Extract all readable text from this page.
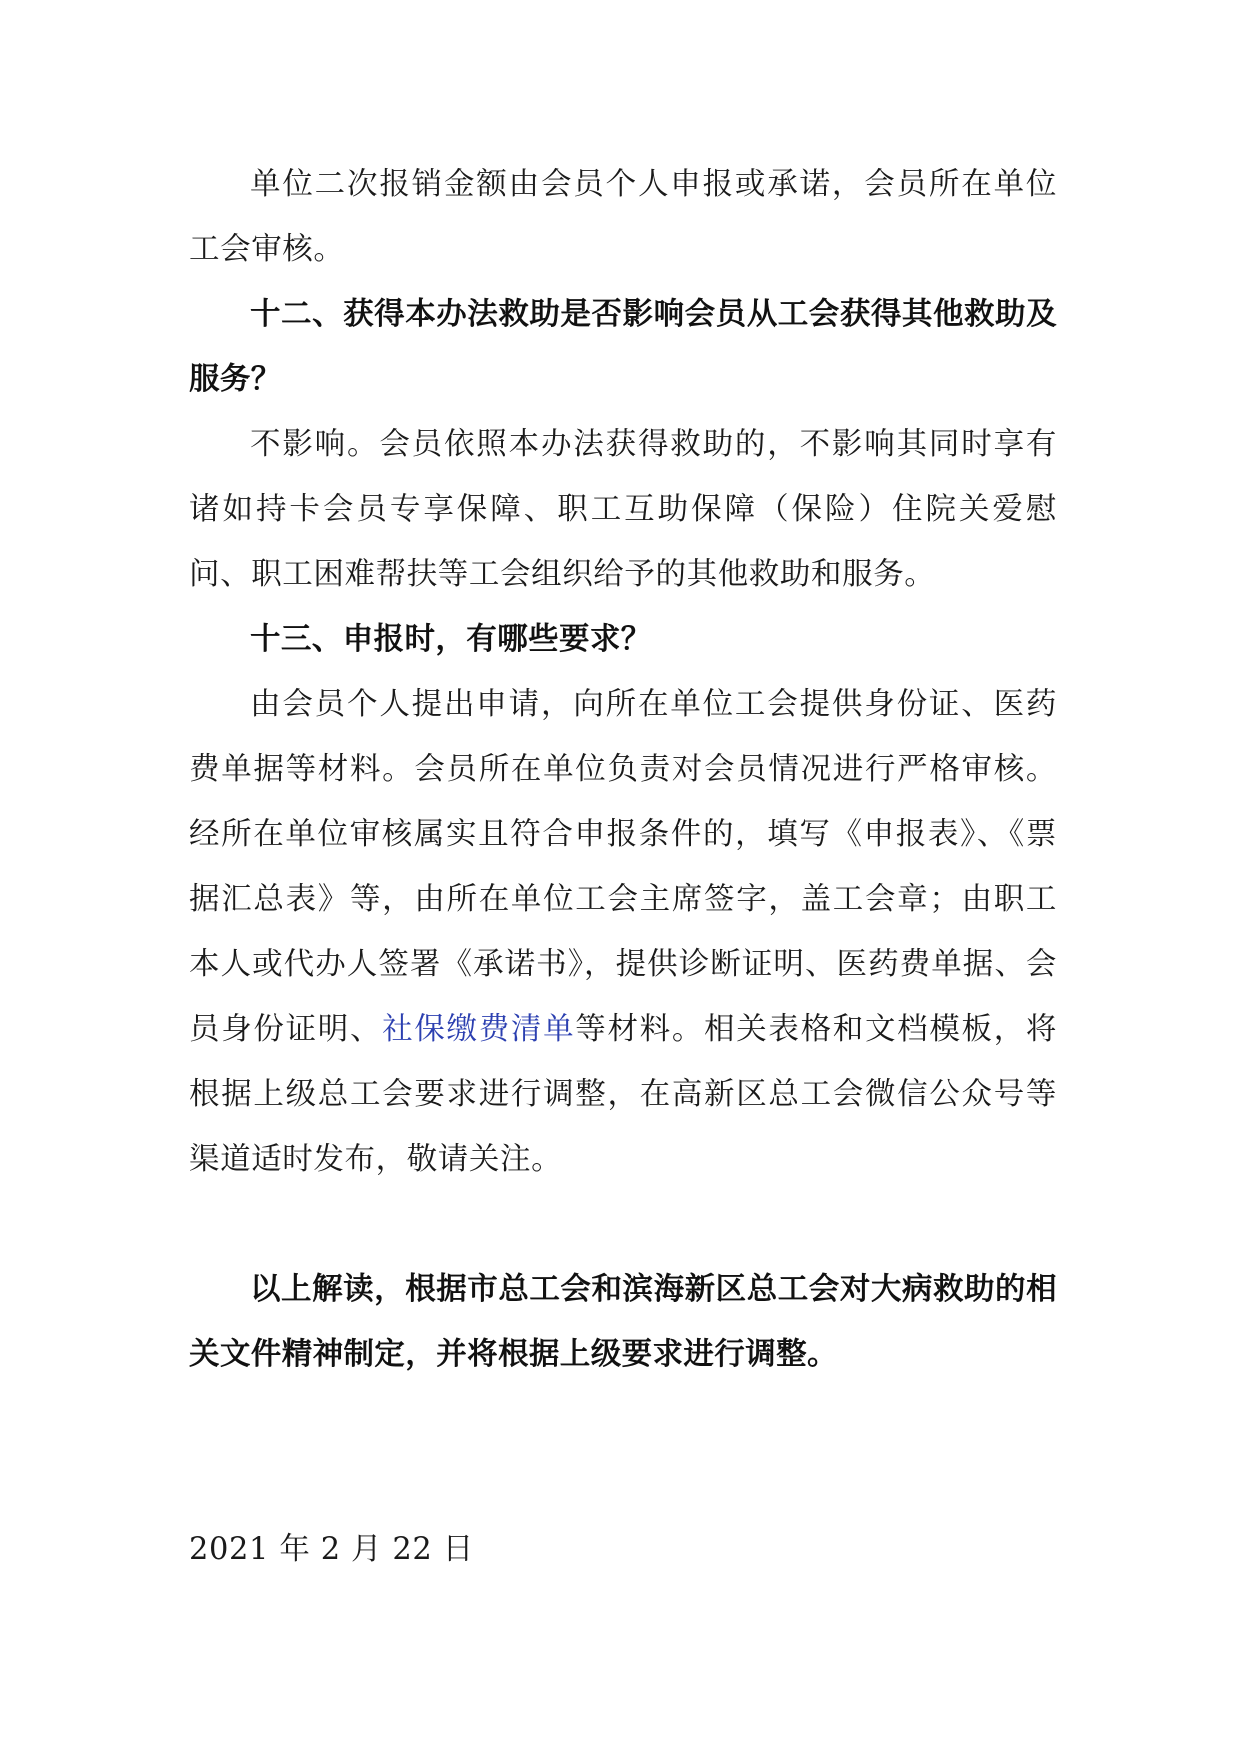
单位二次报销金额由会员个人申报或承诺，会员所在单位工会审核。

十二、获得本办法救助是否影响会员从工会获得其他救助及服务？

不影响。会员依照本办法获得救助的，不影响其同时享有诸如持卡会员专享保障、职工互助保障（保险）住院关爱慰问、职工困难帮扶等工会组织给予的其他救助和服务。

十三、申报时，有哪些要求？

由会员个人提出申请，向所在单位工会提供身份证、医药费单据等材料。会员所在单位负责对会员情况进行严格审核。经所在单位审核属实且符合申报条件的，填写《申报表》、《票据汇总表》等，由所在单位工会主席签字，盖工会章；由职工本人或代办人签署《承诺书》，提供诊断证明、医药费单据、会员身份证明、社保缴费清单等材料。相关表格和文档模板，将根据上级总工会要求进行调整，在高新区总工会微信公众号等渠道适时发布，敬请关注。

以上解读，根据市总工会和滨海新区总工会对大病救助的相关文件精神制定，并将根据上级要求进行调整。

2021 年 2 月 22 日
